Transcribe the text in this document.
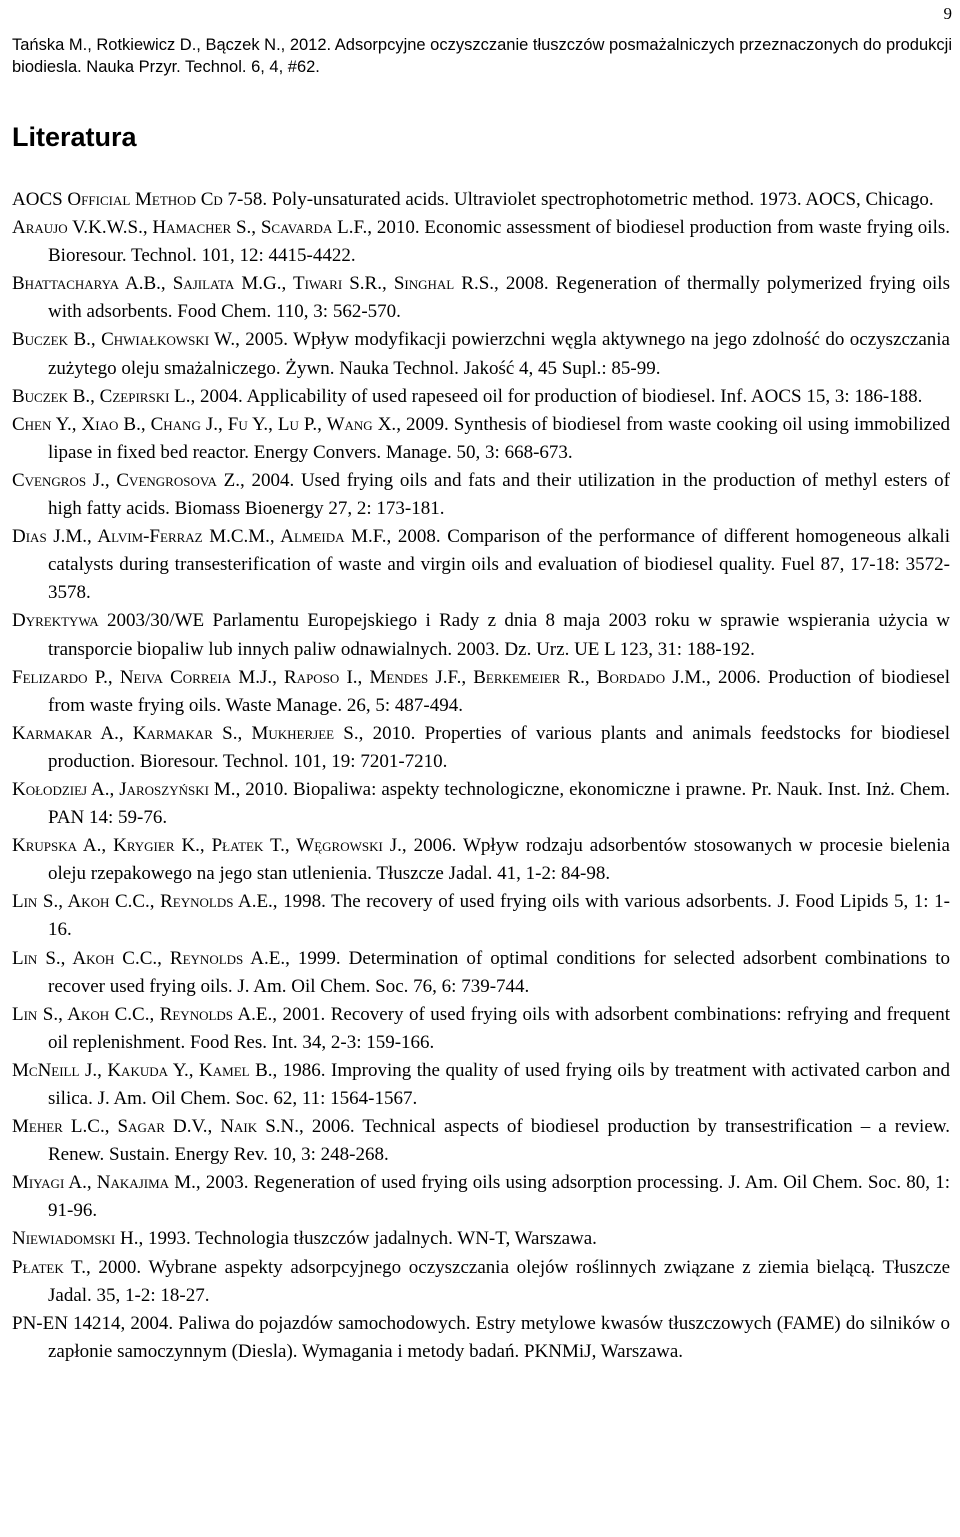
9
Tańska M., Rotkiewicz D., Bączek N., 2012. Adsorpcyjne oczyszczanie tłuszczów posmażalniczych przeznaczonych do produkcji biodiesla. Nauka Przyr. Technol. 6, 4, #62.
Literatura

AOCS Official Method Cd 7-58. Poly-unsaturated acids. Ultraviolet spectrophotometric method. 1973. AOCS, Chicago.

Araujo V.K.W.S., Hamacher S., Scavarda L.F., 2010. Economic assessment of biodiesel production from waste frying oils. Bioresour. Technol. 101, 12: 4415-4422.

Bhattacharya A.B., Sajilata M.G., Tiwari S.R., Singhal R.S., 2008. Regeneration of thermally polymerized frying oils with adsorbents. Food Chem. 110, 3: 562-570.

Buczek B., Chwiałkowski W., 2005. Wpływ modyfikacji powierzchni węgla aktywnego na jego zdolność do oczyszczania zużytego oleju smażalniczego. Żywn. Nauka Technol. Jakość 4, 45 Supl.: 85-99.

Buczek B., Czepirski L., 2004. Applicability of used rapeseed oil for production of biodiesel. Inf. AOCS 15, 3: 186-188.

Chen Y., Xiao B., Chang J., Fu Y., Lu P., Wang X., 2009. Synthesis of biodiesel from waste cooking oil using immobilized lipase in fixed bed reactor. Energy Convers. Manage. 50, 3: 668-673.

Cvengros J., Cvengrosova Z., 2004. Used frying oils and fats and their utilization in the production of methyl esters of high fatty acids. Biomass Bioenergy 27, 2: 173-181.

Dias J.M., Alvim-Ferraz M.C.M., Almeida M.F., 2008. Comparison of the performance of different homogeneous alkali catalysts during transesterification of waste and virgin oils and evaluation of biodiesel quality. Fuel 87, 17-18: 3572-3578.

Dyrektywa 2003/30/WE Parlamentu Europejskiego i Rady z dnia 8 maja 2003 roku w sprawie wspierania użycia w transporcie biopaliw lub innych paliw odnawialnych. 2003. Dz. Urz. UE L 123, 31: 188-192.

Felizardo P., Neiva Correia M.J., Raposo I., Mendes J.F., Berkemeier R., Bordado J.M., 2006. Production of biodiesel from waste frying oils. Waste Manage. 26, 5: 487-494.

Karmakar A., Karmakar S., Mukherjee S., 2010. Properties of various plants and animals feedstocks for biodiesel production. Bioresour. Technol. 101, 19: 7201-7210.

Kołodziej A., Jaroszyński M., 2010. Biopaliwa: aspekty technologiczne, ekonomiczne i prawne. Pr. Nauk. Inst. Inż. Chem. PAN 14: 59-76.

Krupska A., Krygier K., Płatek T., Węgrowski J., 2006. Wpływ rodzaju adsorbentów stosowanych w procesie bielenia oleju rzepakowego na jego stan utlenienia. Tłuszcze Jadal. 41, 1-2: 84-98.

Lin S., Akoh C.C., Reynolds A.E., 1998. The recovery of used frying oils with various adsorbents. J. Food Lipids 5, 1: 1-16.

Lin S., Akoh C.C., Reynolds A.E., 1999. Determination of optimal conditions for selected adsorbent combinations to recover used frying oils. J. Am. Oil Chem. Soc. 76, 6: 739-744.

Lin S., Akoh C.C., Reynolds A.E., 2001. Recovery of used frying oils with adsorbent combinations: refrying and frequent oil replenishment. Food Res. Int. 34, 2-3: 159-166.

McNeill J., Kakuda Y., Kamel B., 1986. Improving the quality of used frying oils by treatment with activated carbon and silica. J. Am. Oil Chem. Soc. 62, 11: 1564-1567.

Meher L.C., Sagar D.V., Naik S.N., 2006. Technical aspects of biodiesel production by transestrification – a review. Renew. Sustain. Energy Rev. 10, 3: 248-268.

Miyagi A., Nakajima M., 2003. Regeneration of used frying oils using adsorption processing. J. Am. Oil Chem. Soc. 80, 1: 91-96.

Niewiadomski H., 1993. Technologia tłuszczów jadalnych. WN-T, Warszawa.

Płatek T., 2000. Wybrane aspekty adsorpcyjnego oczyszczania olejów roślinnych związane z ziemia bielącą. Tłuszcze Jadal. 35, 1-2: 18-27.

PN-EN 14214, 2004. Paliwa do pojazdów samochodowych. Estry metylowe kwasów tłuszczowych (FAME) do silników o zapłonie samoczynnym (Diesla). Wymagania i metody badań. PKNMiJ, Warszawa.
